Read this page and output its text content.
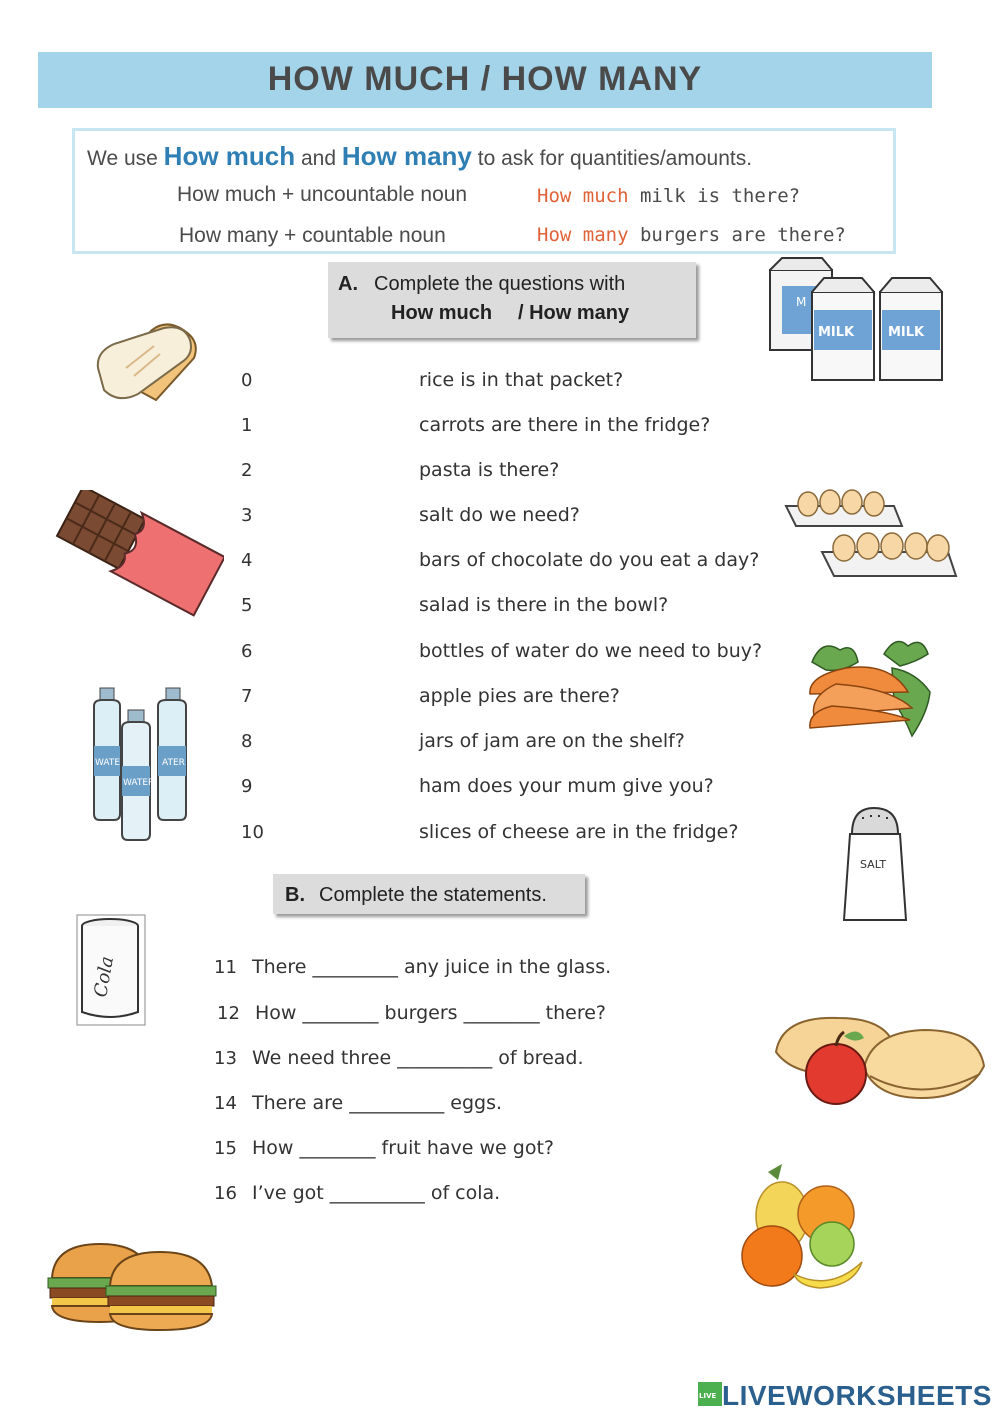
HOW MUCH / HOW MANY
We use How much and How many to ask for quantities/amounts.
How much + uncountable noun	How much milk is there?
How many + countable noun	How many burgers are there?
A. Complete the questions with
How much / How many
0	rice is in that packet?
1	carrots are there in the fridge?
2	pasta is there?
3	salt do we need?
4	bars of chocolate do you eat a day?
5	salad is there in the bowl?
6	bottles of water do we need to buy?
7	apple pies are there?
8	jars of jam are on the shelf?
9	ham does your mum give you?
10	slices of cheese are in the fridge?
B. Complete the statements.
11 There _________ any juice in the glass.
12 How ________ burgers ________ there?
13 We need three __________ of bread.
14 There are __________ eggs.
15 How ________ fruit have we got?
16 I’ve got __________ of cola.
M
MILK	MILK
WATE	ATER
WATER
SALT
Cola
LIVE LIVEWORKSHEETS
